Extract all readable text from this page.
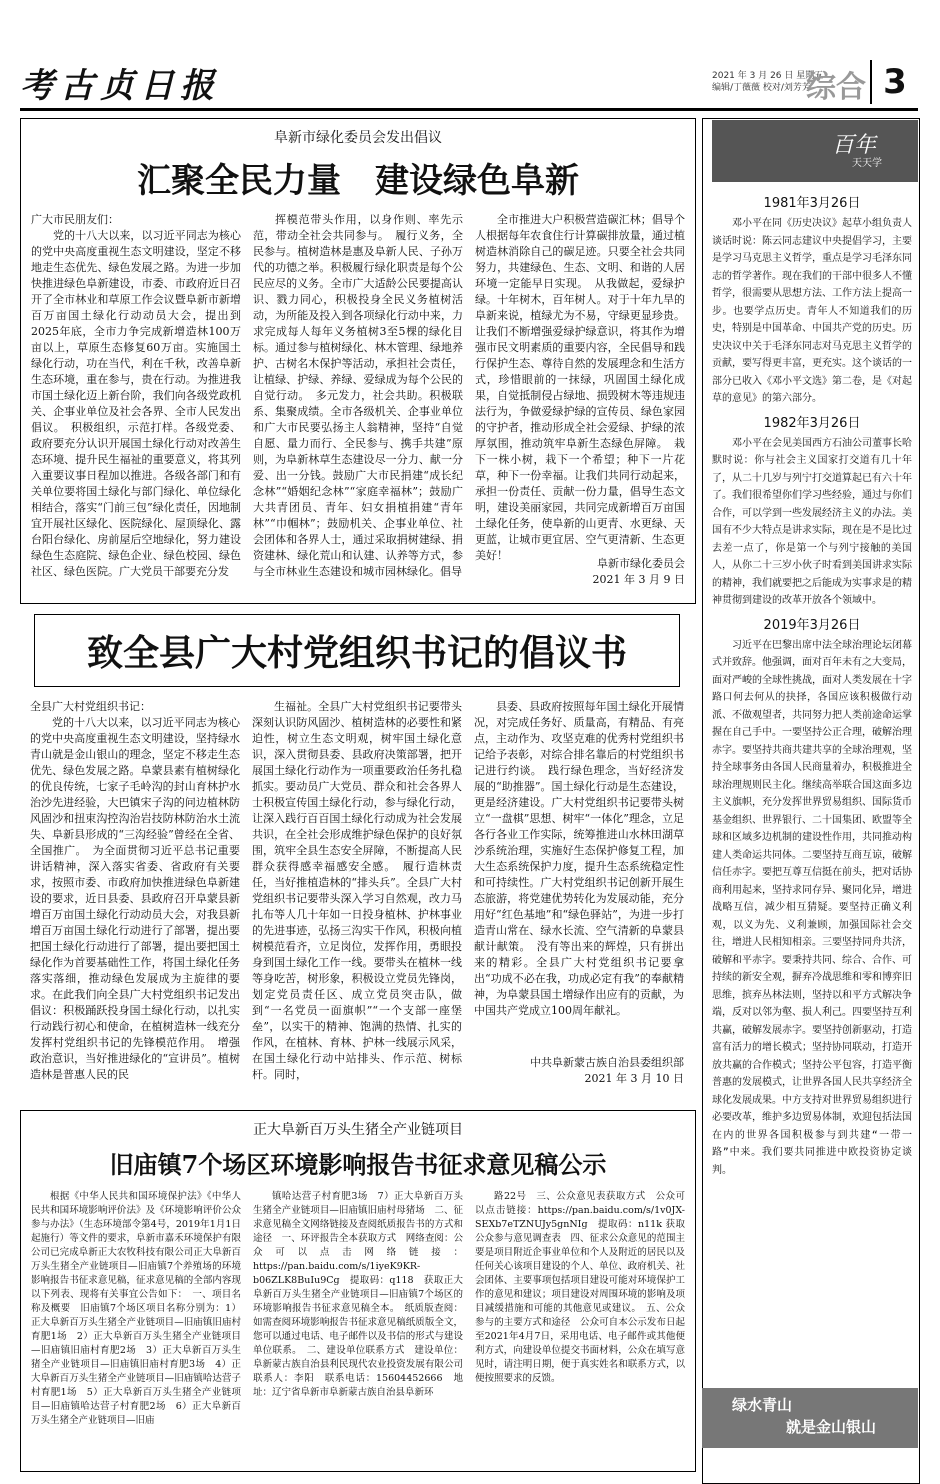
考古贞日报	2021 年 3 月 26 日 星期五
编辑/丁薇薇 校对/刘芳芳
综合 3
阜新市绿化委员会发出倡议
汇聚全民力量　建设绿色阜新
广大市民朋友们：

党的十八大以来，以习近平同志为核心的党中央高度重视生态文明建设，坚定不移地走生态优先、绿色发展之路。为进一步加快推进绿色阜新建设，市委、市政府近日召开了全市林业和草原工作会议暨阜新市新增百万亩国土绿化行动动员大会，提出到2025年底，全市力争完成新增造林100万亩以上，草原生态修复60万亩。实施国土绿化行动，功在当代，利在千秋，改善阜新生态环境，重在参与，贵在行动。为推进我市国土绿化迈上新台阶，我们向各级党政机关、企事业单位及社会各界、全市人民发出倡议。　积极组织，示范打样。各级党委、政府要充分认识开展国土绿化行动对改善生态环境、提升民生福祉的重要意义，将其列入重要议事日程加以推进。各级各部门和有关单位要将国土绿化与部门绿化、单位绿化相结合，落实“门前三包”绿化责任，因地制宜开展社区绿化、医院绿化、屋顶绿化、露台阳台绿化、房前屋后空地绿化，努力建设绿色生态庭院、绿色企业、绿色校园、绿色社区、绿色医院。广大党员干部要充分发

挥模范带头作用，以身作则、率先示范，带动全社会共同参与。　履行义务，全民参与。植树造林是惠及阜新人民、子孙万代的功德之举。积极履行绿化职责是每个公民应尽的义务。全市广大适龄公民要提高认识、戮力同心，积极投身全民义务植树活动，为所能及投入到各项绿化行动中来，力求完成每人每年义务植树3至5棵的绿化目标。通过参与植树绿化、林木管理、绿地养护、古树名木保护等活动，承担社会责任，让植绿、护绿、养绿、爱绿成为每个公民的自觉行动。　多元发力，社会共助。积极联系、集聚成绩。全市各级机关、企事业单位和广大市民要弘扬主人翁精神，坚持“自觉自愿、量力而行、全民参与、携手共建”原则，为阜新林草生态建设尽一分力、献一分爱、出一分钱。鼓励广大市民捐建“成长纪念林”“婚姻纪念林”“家庭幸福林”；鼓励广大共青团员、青年、妇女捐植捐建“青年林”“巾帼林”；鼓励机关、企事业单位、社会团体和各界人士，通过采取捐树建绿、捐资建林、绿化荒山和认建、认养等方式，参与全市林业生态建设和城市园林绿化。倡导

全市推进大户积极营造碳汇林；倡导个人根据每年农食住行计算碳排放量，通过植树造林消除自己的碳足迹。只要全社会共同努力，共建绿色、生态、文明、和谐的人居环境一定能早日实现。　从我做起，爱绿护绿。十年树木，百年树人。对于十年九旱的阜新来说，植绿尤为不易，守绿更显珍贵。让我们不断增强爱绿护绿意识，将其作为增强市民文明素质的重要内容，全民倡导和践行保护生态、尊待自然的发展理念和生活方式，珍惜眼前的一抹绿，巩固国土绿化成果，自觉抵制侵占绿地、损毁树木等违规违法行为，争做爱绿护绿的宣传员、绿色家园的守护者，推动形成全社会爱绿、护绿的浓厚氛围，推动筑牢阜新生态绿色屏障。　栽下一株小树，栽下一个希望；种下一片花草，种下一份幸福。让我们共同行动起来，承担一份责任、贡献一份力量，倡导生态文明，建设美丽家园，共同完成新增百万亩国土绿化任务，使阜新的山更青、水更绿、天更蓝，让城市更宜居、空气更清新、生态更美好！

阜新市绿化委员会
2021 年 3 月 9 日
致全县广大村党组织书记的倡议书
全县广大村党组织书记：

党的十八大以来，以习近平同志为核心的党中央高度重视生态文明建设，坚持绿水青山就是金山银山的理念，坚定不移走生态优先、绿色发展之路。阜蒙县素有植树绿化的优良传统，七家子毛岭沟的封山育林护水治沙先进经验，大巴镇宋子沟的问边植林防风固沙和扭束沟控沟治岩技防林防治水土流失、阜新县形成的“三沟经验”曾经在全省、全国推广。　为全面贯彻习近平总书记重要讲话精神，深入落实省委、省政府有关要求，按照市委、市政府加快推进绿色阜新建设的要求，近日县委、县政府召开阜蒙县新增百万亩国土绿化行动动员大会，对我县新增百万亩国土绿化行动进行了部署，提出要把国土绿化行动进行了部署，提出要把国土绿化作为首要基础性工作，将国土绿化任务落实落细，推动绿色发展成为主旋律的要求。在此我们向全县广大村党组织书记发出倡议：积极踊跃投身国土绿化行动，以扎实行动践行初心和使命，在植树造林一线充分发挥村党组织书记的先锋模范作用。　增强政治意识，当好推进绿化的“宣讲员”。植树造林是普惠人民的民

生福祉。全县广大村党组织书记要带头深刻认识防风固沙、植树造林的必要性和紧迫性，树立生态文明观，树牢国土绿化意识，深入贯彻县委、县政府决策部署，把开展国土绿化行动作为一项重要政治任务扎稳抓实。要动员广大党员、群众和社会各界人士积极宣传国土绿化行动，参与绿化行动，让深入践行百百国土绿化行动成为社会发展共识，在全社会形成维护绿色保护的良好氛围，筑牢全县生态安全屏障，不断提高人民群众获得感幸福感安全感。　履行造林责任，当好推植造林的“排头兵”。全县广大村党组织书记要带头深入学习自然观，改力马扎布等人几十年如一日投身植林、护林事业的先进事迹，弘扬三沟实干作风，积极向植树模范看齐，立足岗位，发挥作用，勇眼投身到国土绿化工作一线。要带头在植林一线等身吃苦，树形象，积极设立党员先锋岗，划定党员责任区、成立党员突击队，做到“一名党员一面旗帜”“一个支部一座堡垒”，以实干的精神、饱满的热情、扎实的作风，在植林、育林、护林一线展示风采，在国土绿化行动中站排头、作示范、树标杆。同时，

县委、县政府按照每年国土绿化开展情况，对完成任务好、质量高，有精品、有亮点，主动作为、攻坚克难的优秀村党组织书记给予表彰，对综合排名靠后的村党组织书记进行约谈。　践行绿色理念，当好经济发展的“助推器”。国土绿化行动是生态建设，更是经济建设。广大村党组织书记要带头树立“一盘棋”思想、树牢“一体化”理念，立足各行各业工作实际，统筹推进山水林田湖草沙系统治理，实施好生态保护修复工程，加大生态系统保护力度，提升生态系统稳定性和可持续性。广大村党组织书记创新开展生态旅游，将党建优势转化为发展动能，充分用好“红色基地”和“绿色驿站”，为进一步打造青山常在、绿水长流、空气清新的阜蒙县献计献策。　没有等出来的辉煌，只有拼出来的精彩。全县广大村党组织书记要拿出“功成不必在我，功成必定有我”的奉献精神，为阜蒙县国土增绿作出应有的贡献，为中国共产党成立100周年献礼。

中共阜新蒙古族自治县委组织部
2021 年 3 月 10 日
正大阜新百万头生猪全产业链项目
旧庙镇7个场区环境影响报告书征求意见稿公示

根据《中华人民共和国环境保护法》《中华人民共和国环境影响评价法》及《环境影响评价公众参与办法》（生态环境部令第4号，2019年1月1日起施行）等文件的要求，阜新市嘉禾环境保护有限公司已完成阜新正大农牧科技有限公司正大阜新百万头生猪全产业链项目—旧庙镇7个养殖场的环境影响报告书征求意见稿，征求意见稿的全部内容现以下列表、现将有关事宜公告如下：　一、项目名称及概要　旧庙镇7个场区项目名称分别为：1）正大阜新百万头生猪全产业链项目—旧庙镇旧庙村育肥1场　2）正大阜新百万头生猪全产业链项目—旧庙镇旧庙村育肥2场　3）正大阜新百万头生猪全产业链项目—旧庙镇旧庙村育肥3场　4）正大阜新百万头生猪全产业链项目—旧庙镇哈达营子村育肥1场　5）正大阜新百万头生猪全产业链项目—旧庙镇哈达营子村育肥2场　6）正大阜新百万头生猪全产业链项目—旧庙

镇哈达营子村育肥3场　7）正大阜新百万头生猪全产业链项目—旧庙镇旧庙村母猪场　二、征求意见稿全文网络链接及查阅纸质报告书的方式和途径　一、环评报告全本获取方式　网络查阅：公众可以点击网络链接：https://pan.baidu.com/s/1iyeK9KR-b06ZLK8BuIu9Cg　提取码：q118　获取正大阜新百万头生猪全产业链项目—旧庙镇7个场区的环境影响报告书征求意见稿全本。　纸质版查阅：如需查阅环境影响报告书征求意见稿纸质版全文，您可以通过电话、电子邮件以及书信的形式与建设单位联系。　二、建设单位联系方式　建设单位：阜新蒙古族自治县利民现代农业投资发展有限公司　联系人：李阳　联系电话：15604452666　地址：辽宁省阜新市阜新蒙古族自治县阜新环

路22号　三、公众意见表获取方式　公众可以点击链接：https://pan.baidu.com/s/1v0JX-SEXb7eTZNUJy5gnNIg　提取码：n11k 获取公众参与意见调查表　四、征求公众意见的范围主要是项目附近企事业单位和个人及附近的居民以及任何关心该项目建设的个人、单位、政府机关、社会团体、主要事项包括项目建设可能对环境保护工作的意见和建议；项目建设对周围环境的影响及项目减缓措施和可能的其他意见或建议。　五、公众参与的主要方式和途径　公众可自本公示发布日起至2021年4月7日，采用电话、电子邮件或其他便利方式，向建设单位提交书面材料，公众在填写意见时，请注明日期，便于真实姓名和联系方式，以便按照要求的反馈。

百年
天天学
1981年3月26日

邓小平在同《历史决议》起草小组负责人谈话时说：陈云同志建议中央提倡学习，主要是学习马克思主义哲学，重点是学习毛泽东同志的哲学著作。现在我们的干部中很多人不懂哲学，很需要从思想方法、工作方法上提高一步。也要学点历史。青年人不知道我们的历史，特别是中国革命、中国共产党的历史。历史决议中关于毛泽东同志对马克思主义哲学的贡献，要写得更丰富，更充实。这个谈话的一部分已收入《邓小平文选》第二卷，是《对起草的意见》的第六部分。

1982年3月26日

邓小平在会见美国西方石油公司董事长哈默时说：你与社会主义国家打交道有几十年了，从二十几岁与列宁打交道算起已有六十年了。我们很希望你们学习些经验，通过与你们合作，可以学到一些发展经济主义的办法。美国有不少大特点是讲求实际，现在是不是比过去差一点了，你是第一个与列宁接触的美国人，从你二十三岁小伙子时看到美国讲求实际的精神，我们就要把之后能成为实事求是的精神贯彻到建设的改革开放各个领域中。

2019年3月26日

习近平在巴黎出席中法全球治理论坛闭幕式并致辞。他强调，面对百年未有之大变局，面对严峻的全球性挑战，面对人类发展在十字路口何去何从的抉择，各国应该积极做行动派、不做观望者，共同努力把人类前途命运掌握在自己手中。一要坚持公正合理，破解治理赤字。要坚持共商共建共享的全球治理观，坚持全球事务由各国人民商量着办，积极推进全球治理规则民主化。继续高举联合国这面多边主义旗帜，充分发挥世界贸易组织、国际货币基金组织、世界银行、二十国集团、欧盟等全球和区域多边机制的建设性作用，共同推动构建人类命运共同体。二要坚持互商互谅，破解信任赤字。要把互尊互信挺在前头，把对话协商利用起来，坚持求同存异、聚同化异，增进战略互信，减少相互猜疑。要坚持正确义利观，以义为先、义利兼顾，加强国际社会交往，增进人民相知相亲。三要坚持同舟共济，破解和平赤字。要秉持共同、综合、合作、可持续的新安全观，摒弃冷战思维和零和博弈旧思维，摈弃丛林法则，坚持以和平方式解决争端，反对以邻为壑、损人利己。四要坚持互利共赢，破解发展赤字。要坚持创新驱动，打造富有活力的增长模式；坚持协同联动，打造开放共赢的合作模式；坚持公平包容，打造平衡普惠的发展模式，让世界各国人民共享经济全球化发展成果。中方支持对世界贸易组织进行必要改革，维护多边贸易体制，欢迎包括法国在内的世界各国积极参与到共建“一带一路”中来。我们要共同推进中欧投资协定谈判。

绿水青山
就是金山银山
